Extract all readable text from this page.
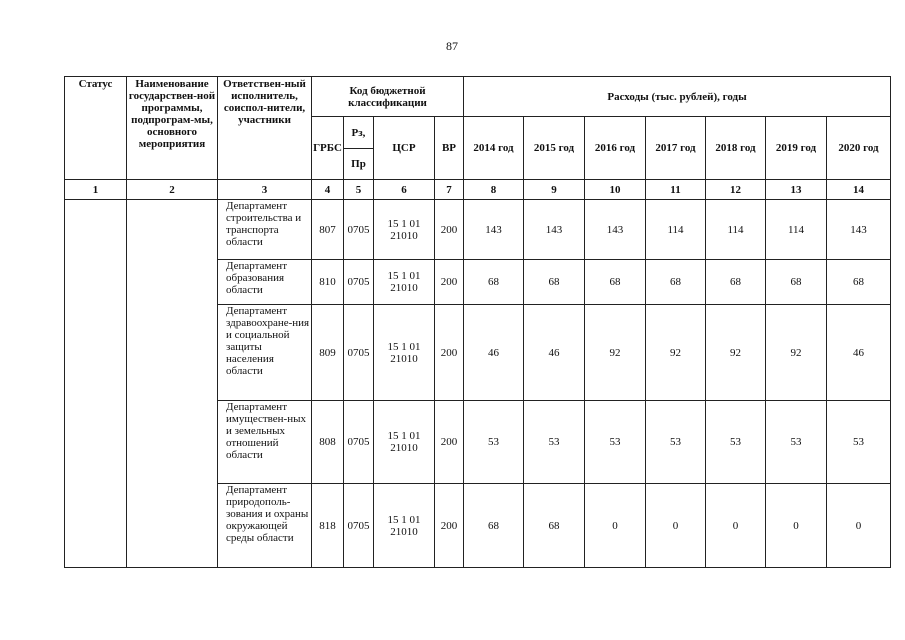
87
Статус	Наименование государствен-ной программы, подпрограм-мы, основного мероприятия	Ответствен-ный исполнитель, соиспол-нители, участники	Код бюджетной классификации				Расходы (тыс. рублей), годы						
			ГРБС	Рз,	ЦСР	ВР	2014 год	2015 год	2016 год	2017 год	2018 год	2019 год	2020 год
				Пр									
1	2	3	4	5	6	7	8	9	10	11	12	13	14
		Департамент строительства и транспорта области	807	0705	15 1 01 21010	200	143	143	143	114	114	114	143
		Департамент образования области	810	0705	15 1 01 21010	200	68	68	68	68	68	68	68
		Департамент здравоохране-ния и социальной защиты населения области	809	0705	15 1 01 21010	200	46	46	92	92	92	92	46
		Департамент имуществен-ных и земельных отношений области	808	0705	15 1 01 21010	200	53	53	53	53	53	53	53
		Департамент природополь-зования и охраны окружающей среды области	818	0705	15 1 01 21010	200	68	68	0	0	0	0	0
